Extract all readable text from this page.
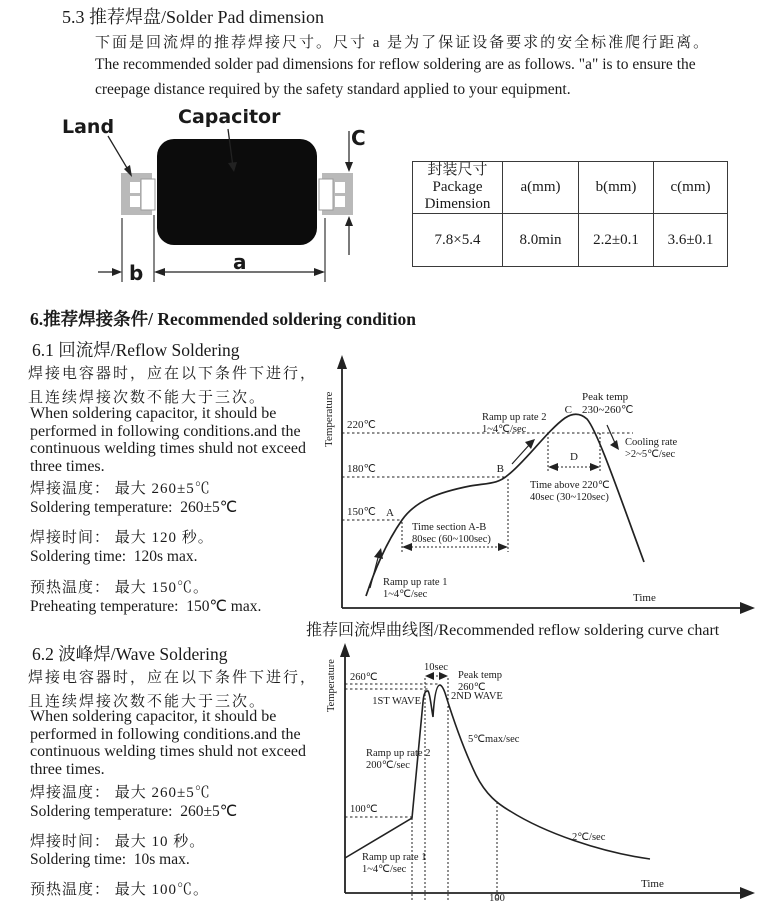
5.3 推荐焊盘/Solder Pad dimension
下面是回流焊的推荐焊接尺寸。尺寸 a 是为了保证设备要求的安全标准爬行距离。
The recommended solder pad dimensions for reflow soldering are as follows. "a" is to ensure the
creepage distance required by the safety standard applied to your equipment.
Land	Capacitor
C
b	a
封装尺寸
Package
Dimension	a(mm)	b(mm)	c(mm)
7.8×5.4	8.0min	2.2±0.1	3.6±0.1
6.推荐焊接条件/ Recommended soldering condition
6.1 回流焊/Reflow Soldering
焊接电容器时，应在以下条件下进行，
且连续焊接次数不能大于三次。
When soldering capacitor, it should be performed in following conditions.and the continuous welding times shuld not exceed three times.
焊接温度： 最大 260±5℃
Soldering temperature:  260±5℃
焊接时间： 最大 120 秒。
Soldering time:  120s max.
预热温度： 最大 150℃。
Preheating temperature:  150℃ max.
Temperature
Time
220℃
180℃
150℃
Ramp up rate 1
1~4℃/sec
A
B
Time section A-B
80sec (60~100sec)
Ramp up rate 2
1~4℃/sec
C
Peak temp
230~260℃
D
Time above 220℃
40sec (30~120sec)
Cooling rate
>2~5℃/sec
推荐回流焊曲线图/Recommended reflow soldering curve chart
6.2 波峰焊/Wave Soldering
焊接电容器时，应在以下条件下进行，
且连续焊接次数不能大于三次。
When soldering capacitor, it should be performed in following conditions.and the continuous welding times shuld not exceed three times.
焊接温度： 最大 260±5℃
Soldering temperature:  260±5℃
焊接时间： 最大 10 秒。
Soldering time:  10s max.
预热温度： 最大 100℃。
Temperature
Time
260℃
100℃
10sec
Peak temp
260℃
1ST WAVE	2ND WAVE
Ramp up rate 2
200℃/sec
5℃max/sec
2℃/sec
Ramp up rate 1
1~4℃/sec
100
